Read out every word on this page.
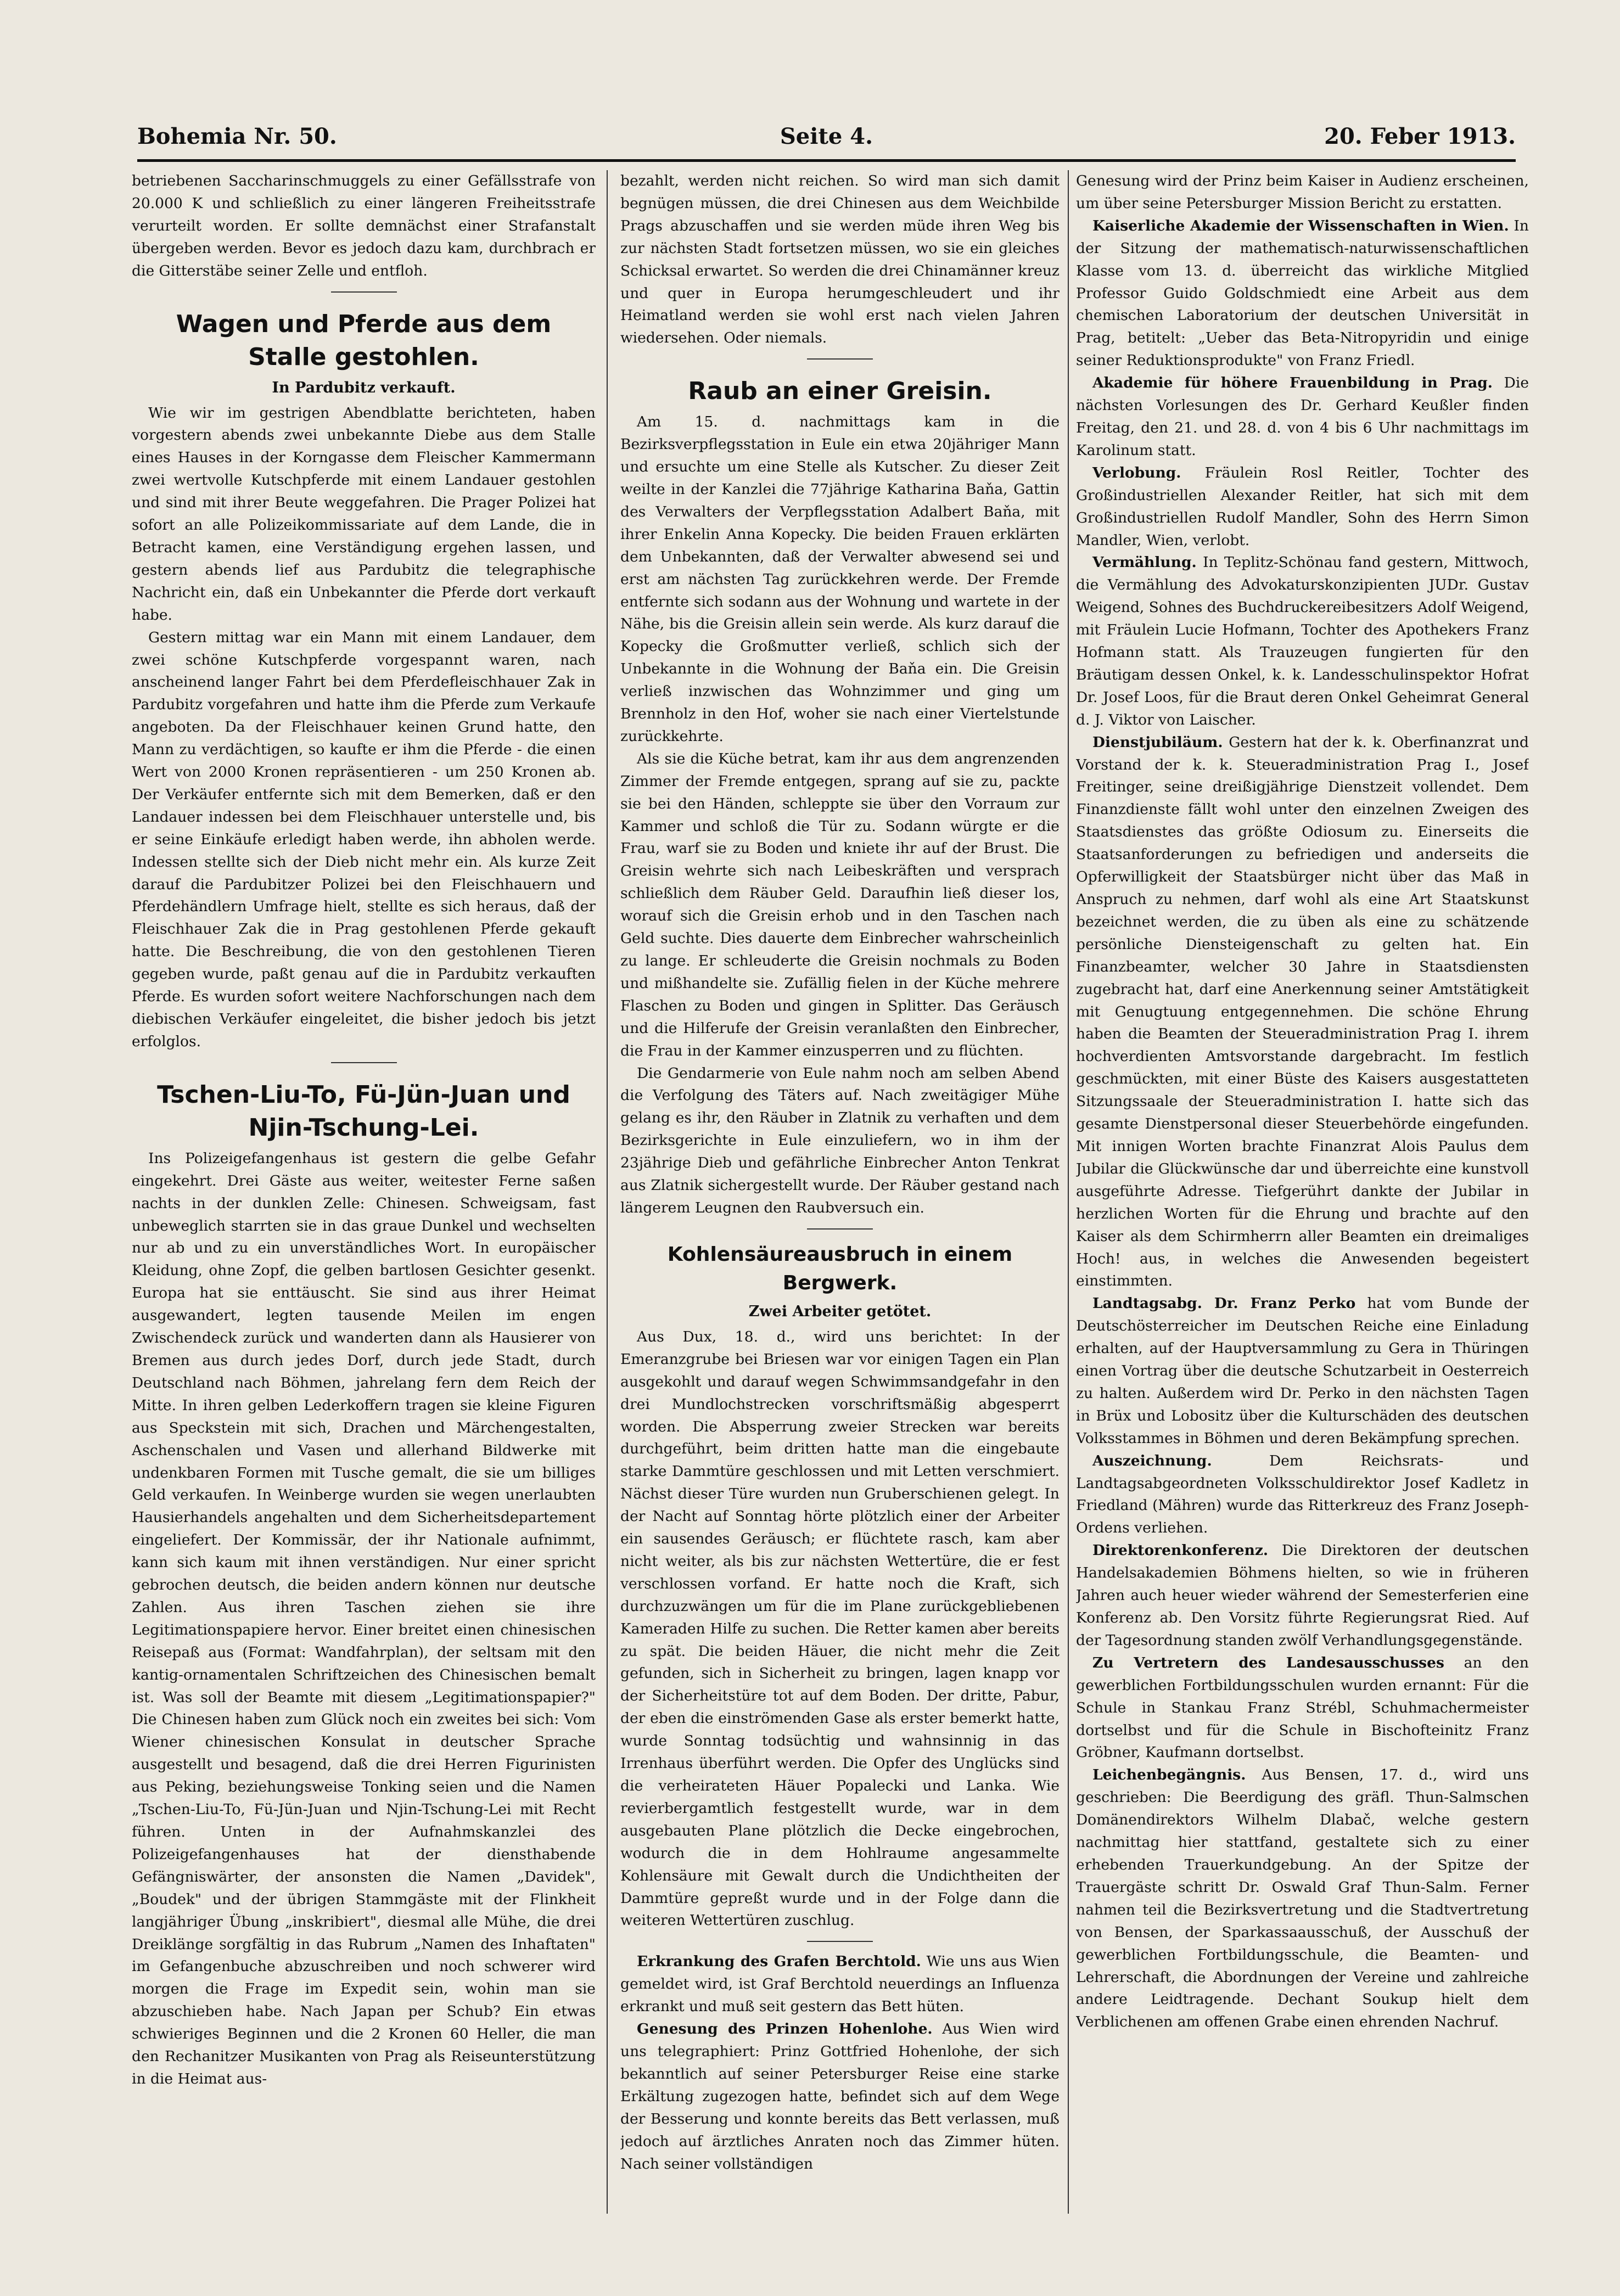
Bohemia Nr. 50.	Seite 4.	20. Feber 1913.

betriebenen Saccharinschmuggels zu einer Gefällsstrafe von 20.000 K und schließlich zu einer längeren Freiheitsstrafe verurteilt worden. Er sollte demnächst einer Strafanstalt übergeben werden. Bevor es jedoch dazu kam, durchbrach er die Gitterstäbe seiner Zelle und entfloh.

Wagen und Pferde aus dem Stalle gestohlen.
In Pardubitz verkauft.

Wie wir im gestrigen Abendblatte berichteten, haben vorgestern abends zwei unbekannte Diebe aus dem Stalle eines Hauses in der Korngasse dem Fleischer Kammermann zwei wertvolle Kutschpferde mit einem Landauer gestohlen und sind mit ihrer Beute weggefahren. Die Prager Polizei hat sofort an alle Polizeikommissariate auf dem Lande, die in Betracht kamen, eine Verständigung ergehen lassen, und gestern abends lief aus Pardubitz die telegraphische Nachricht ein, daß ein Unbekannter die Pferde dort verkauft habe.

Gestern mittag war ein Mann mit einem Landauer, dem zwei schöne Kutschpferde vorgespannt waren, nach anscheinend langer Fahrt bei dem Pferdefleischhauer Zak in Pardubitz vorgefahren und hatte ihm die Pferde zum Verkaufe angeboten. Da der Fleischhauer keinen Grund hatte, den Mann zu verdächtigen, so kaufte er ihm die Pferde - die einen Wert von 2000 Kronen repräsentieren - um 250 Kronen ab. Der Verkäufer entfernte sich mit dem Bemerken, daß er den Landauer indessen bei dem Fleischhauer unterstelle und, bis er seine Einkäufe erledigt haben werde, ihn abholen werde. Indessen stellte sich der Dieb nicht mehr ein. Als kurze Zeit darauf die Pardubitzer Polizei bei den Fleischhauern und Pferdehändlern Umfrage hielt, stellte es sich heraus, daß der Fleischhauer Zak die in Prag gestohlenen Pferde gekauft hatte. Die Beschreibung, die von den gestohlenen Tieren gegeben wurde, paßt genau auf die in Pardubitz verkauften Pferde. Es wurden sofort weitere Nachforschungen nach dem diebischen Verkäufer eingeleitet, die bisher jedoch bis jetzt erfolglos.

Tschen-Liu-To, Fü-Jün-Juan und Njin-Tschung-Lei.

Ins Polizeigefangenhaus ist gestern die gelbe Gefahr eingekehrt. Drei Gäste aus weiter, weitester Ferne saßen nachts in der dunklen Zelle: Chinesen. Schweigsam, fast unbeweglich starrten sie in das graue Dunkel und wechselten nur ab und zu ein unverständliches Wort. In europäischer Kleidung, ohne Zopf, die gelben bartlosen Gesichter gesenkt. Europa hat sie enttäuscht. Sie sind aus ihrer Heimat ausgewandert, legten tausende Meilen im engen Zwischendeck zurück und wanderten dann als Hausierer von Bremen aus durch jedes Dorf, durch jede Stadt, durch Deutschland nach Böhmen, jahrelang fern dem Reich der Mitte. In ihren gelben Lederkoffern tragen sie kleine Figuren aus Speckstein mit sich, Drachen und Märchengestalten, Aschenschalen und Vasen und allerhand Bildwerke mit undenkbaren Formen mit Tusche gemalt, die sie um billiges Geld verkaufen. In Weinberge wurden sie wegen unerlaubten Hausierhandels angehalten und dem Sicherheitsdepartement eingeliefert. Der Kommissär, der ihr Nationale aufnimmt, kann sich kaum mit ihnen verständigen. Nur einer spricht gebrochen deutsch, die beiden andern können nur deutsche Zahlen. Aus ihren Taschen ziehen sie ihre Legitimationspapiere hervor. Einer breitet einen chinesischen Reisepaß aus (Format: Wandfahrplan), der seltsam mit den kantig-ornamentalen Schriftzeichen des Chinesischen bemalt ist. Was soll der Beamte mit diesem „Legitimationspapier?" Die Chinesen haben zum Glück noch ein zweites bei sich: Vom Wiener chinesischen Konsulat in deutscher Sprache ausgestellt und besagend, daß die drei Herren Figurinisten aus Peking, beziehungsweise Tonking seien und die Namen „Tschen-Liu-To, Fü-Jün-Juan und Njin-Tschung-Lei mit Recht führen. Unten in der Aufnahmskanzlei des Polizeigefangenhauses hat der diensthabende Gefängniswärter, der ansonsten die Namen „Davidek", „Boudek" und der übrigen Stammgäste mit der Flinkheit langjähriger Übung „inskribiert", diesmal alle Mühe, die drei Dreiklänge sorgfältig in das Rubrum „Namen des Inhaftaten" im Gefangenbuche abzuschreiben und noch schwerer wird morgen die Frage im Expedit sein, wohin man sie abzuschieben habe. Nach Japan per Schub? Ein etwas schwieriges Beginnen und die 2 Kronen 60 Heller, die man den Rechanitzer Musikanten von Prag als Reiseunterstützung in die Heimat aus-

bezahlt, werden nicht reichen. So wird man sich damit begnügen müssen, die drei Chinesen aus dem Weichbilde Prags abzuschaffen und sie werden müde ihren Weg bis zur nächsten Stadt fortsetzen müssen, wo sie ein gleiches Schicksal erwartet. So werden die drei Chinamänner kreuz und quer in Europa herumgeschleudert und ihr Heimatland werden sie wohl erst nach vielen Jahren wiedersehen. Oder niemals.

Raub an einer Greisin.

Am 15. d. nachmittags kam in die Bezirksverpflegsstation in Eule ein etwa 20jähriger Mann und ersuchte um eine Stelle als Kutscher. Zu dieser Zeit weilte in der Kanzlei die 77jährige Katharina Baňa, Gattin des Verwalters der Verpflegsstation Adalbert Baňa, mit ihrer Enkelin Anna Kopecky. Die beiden Frauen erklärten dem Unbekannten, daß der Verwalter abwesend sei und erst am nächsten Tag zurückkehren werde. Der Fremde entfernte sich sodann aus der Wohnung und wartete in der Nähe, bis die Greisin allein sein werde. Als kurz darauf die Kopecky die Großmutter verließ, schlich sich der Unbekannte in die Wohnung der Baňa ein. Die Greisin verließ inzwischen das Wohnzimmer und ging um Brennholz in den Hof, woher sie nach einer Viertelstunde zurückkehrte.

Als sie die Küche betrat, kam ihr aus dem angrenzenden Zimmer der Fremde entgegen, sprang auf sie zu, packte sie bei den Händen, schleppte sie über den Vorraum zur Kammer und schloß die Tür zu. Sodann würgte er die Frau, warf sie zu Boden und kniete ihr auf der Brust. Die Greisin wehrte sich nach Leibeskräften und versprach schließlich dem Räuber Geld. Daraufhin ließ dieser los, worauf sich die Greisin erhob und in den Taschen nach Geld suchte. Dies dauerte dem Einbrecher wahrscheinlich zu lange. Er schleuderte die Greisin nochmals zu Boden und mißhandelte sie. Zufällig fielen in der Küche mehrere Flaschen zu Boden und gingen in Splitter. Das Geräusch und die Hilferufe der Greisin veranlaßten den Einbrecher, die Frau in der Kammer einzusperren und zu flüchten.

Die Gendarmerie von Eule nahm noch am selben Abend die Verfolgung des Täters auf. Nach zweitägiger Mühe gelang es ihr, den Räuber in Zlatnik zu verhaften und dem Bezirksgerichte in Eule einzuliefern, wo in ihm der 23jährige Dieb und gefährliche Einbrecher Anton Tenkrat aus Zlatnik sichergestellt wurde. Der Räuber gestand nach längerem Leugnen den Raubversuch ein.

Kohlensäureausbruch in einem Bergwerk.
Zwei Arbeiter getötet.

Aus Dux, 18. d., wird uns berichtet: In der Emeranzgrube bei Briesen war vor einigen Tagen ein Plan ausgekohlt und darauf wegen Schwimmsandgefahr in den drei Mundlochstrecken vorschriftsmäßig abgesperrt worden. Die Absperrung zweier Strecken war bereits durchgeführt, beim dritten hatte man die eingebaute starke Dammtüre geschlossen und mit Letten verschmiert. Nächst dieser Türe wurden nun Gruberschienen gelegt. In der Nacht auf Sonntag hörte plötzlich einer der Arbeiter ein sausendes Geräusch; er flüchtete rasch, kam aber nicht weiter, als bis zur nächsten Wettertüre, die er fest verschlossen vorfand. Er hatte noch die Kraft, sich durchzuzwängen um für die im Plane zurückgebliebenen Kameraden Hilfe zu suchen. Die Retter kamen aber bereits zu spät. Die beiden Häuer, die nicht mehr die Zeit gefunden, sich in Sicherheit zu bringen, lagen knapp vor der Sicherheitstüre tot auf dem Boden. Der dritte, Pabur, der eben die einströmenden Gase als erster bemerkt hatte, wurde Sonntag todsüchtig und wahnsinnig in das Irrenhaus überführt werden. Die Opfer des Unglücks sind die verheirateten Häuer Popalecki und Lanka. Wie revierbergamtlich festgestellt wurde, war in dem ausgebauten Plane plötzlich die Decke eingebrochen, wodurch die in dem Hohlraume angesammelte Kohlensäure mit Gewalt durch die Undichtheiten der Dammtüre gepreßt wurde und in der Folge dann die weiteren Wettertüren zuschlug.

Erkrankung des Grafen Berchtold. Wie uns aus Wien gemeldet wird, ist Graf Berchtold neuerdings an Influenza erkrankt und muß seit gestern das Bett hüten.

Genesung des Prinzen Hohenlohe. Aus Wien wird uns telegraphiert: Prinz Gottfried Hohenlohe, der sich bekanntlich auf seiner Petersburger Reise eine starke Erkältung zugezogen hatte, befindet sich auf dem Wege der Besserung und konnte bereits das Bett verlassen, muß jedoch auf ärztliches Anraten noch das Zimmer hüten. Nach seiner vollständigen

Genesung wird der Prinz beim Kaiser in Audienz erscheinen, um über seine Petersburger Mission Bericht zu erstatten.

Kaiserliche Akademie der Wissenschaften in Wien. In der Sitzung der mathematisch-naturwissenschaftlichen Klasse vom 13. d. überreicht das wirkliche Mitglied Professor Guido Goldschmiedt eine Arbeit aus dem chemischen Laboratorium der deutschen Universität in Prag, betitelt: „Ueber das Beta-Nitropyridin und einige seiner Reduktionsprodukte" von Franz Friedl.

Akademie für höhere Frauenbildung in Prag. Die nächsten Vorlesungen des Dr. Gerhard Keußler finden Freitag, den 21. und 28. d. von 4 bis 6 Uhr nachmittags im Karolinum statt.

Verlobung. Fräulein Rosl Reitler, Tochter des Großindustriellen Alexander Reitler, hat sich mit dem Großindustriellen Rudolf Mandler, Sohn des Herrn Simon Mandler, Wien, verlobt.

Vermählung. In Teplitz-Schönau fand gestern, Mittwoch, die Vermählung des Advokaturskonzipienten JUDr. Gustav Weigend, Sohnes des Buchdruckereibesitzers Adolf Weigend, mit Fräulein Lucie Hofmann, Tochter des Apothekers Franz Hofmann statt. Als Trauzeugen fungierten für den Bräutigam dessen Onkel, k. k. Landesschulinspektor Hofrat Dr. Josef Loos, für die Braut deren Onkel Geheimrat General d. J. Viktor von Laischer.

Dienstjubiläum. Gestern hat der k. k. Oberfinanzrat und Vorstand der k. k. Steueradministration Prag I., Josef Freitinger, seine dreißigjährige Dienstzeit vollendet. Dem Finanzdienste fällt wohl unter den einzelnen Zweigen des Staatsdienstes das größte Odiosum zu. Einerseits die Staatsanforderungen zu befriedigen und anderseits die Opferwilligkeit der Staatsbürger nicht über das Maß in Anspruch zu nehmen, darf wohl als eine Art Staatskunst bezeichnet werden, die zu üben als eine zu schätzende persönliche Diensteigenschaft zu gelten hat. Ein Finanzbeamter, welcher 30 Jahre in Staatsdiensten zugebracht hat, darf eine Anerkennung seiner Amtstätigkeit mit Genugtuung entgegennehmen. Die schöne Ehrung haben die Beamten der Steueradministration Prag I. ihrem hochverdienten Amtsvorstande dargebracht. Im festlich geschmückten, mit einer Büste des Kaisers ausgestatteten Sitzungssaale der Steueradministration I. hatte sich das gesamte Dienstpersonal dieser Steuerbehörde eingefunden. Mit innigen Worten brachte Finanzrat Alois Paulus dem Jubilar die Glückwünsche dar und überreichte eine kunstvoll ausgeführte Adresse. Tiefgerührt dankte der Jubilar in herzlichen Worten für die Ehrung und brachte auf den Kaiser als dem Schirmherrn aller Beamten ein dreimaliges Hoch! aus, in welches die Anwesenden begeistert einstimmten.

Landtagsabg. Dr. Franz Perko hat vom Bunde der Deutschösterreicher im Deutschen Reiche eine Einladung erhalten, auf der Hauptversammlung zu Gera in Thüringen einen Vortrag über die deutsche Schutzarbeit in Oesterreich zu halten. Außerdem wird Dr. Perko in den nächsten Tagen in Brüx und Lobositz über die Kulturschäden des deutschen Volksstammes in Böhmen und deren Bekämpfung sprechen.

Auszeichnung.	Dem Reichsrats- und Landtagsabgeordneten Volksschuldirektor Josef Kadletz in Friedland (Mähren) wurde das Ritterkreuz des Franz Joseph-Ordens verliehen.

Direktorenkonferenz. Die Direktoren der deutschen Handelsakademien Böhmens hielten, so wie in früheren Jahren auch heuer wieder während der Semesterferien eine Konferenz ab. Den Vorsitz führte Regierungsrat Ried. Auf der Tagesordnung standen zwölf Verhandlungsgegenstände.

Zu Vertretern des Landesausschusses an den gewerblichen Fortbildungsschulen wurden ernannt: Für die Schule in Stankau Franz Strébl, Schuhmachermeister dortselbst und für die Schule in Bischofteinitz Franz Gröbner, Kaufmann dortselbst.

Leichenbegängnis. Aus Bensen, 17. d., wird uns geschrieben: Die Beerdigung des gräfl. Thun-Salmschen Domänendirektors Wilhelm Dlabač, welche gestern nachmittag hier stattfand, gestaltete sich zu einer erhebenden Trauerkundgebung. An der Spitze der Trauergäste schritt Dr. Oswald Graf Thun-Salm. Ferner nahmen teil die Bezirksvertretung und die Stadtvertretung von Bensen, der Sparkassaausschuß, der Ausschuß der gewerblichen Fortbildungsschule, die Beamten- und Lehrerschaft, die Abordnungen der Vereine und zahlreiche andere Leidtragende. Dechant Soukup hielt dem Verblichenen am offenen Grabe einen ehrenden Nachruf.
